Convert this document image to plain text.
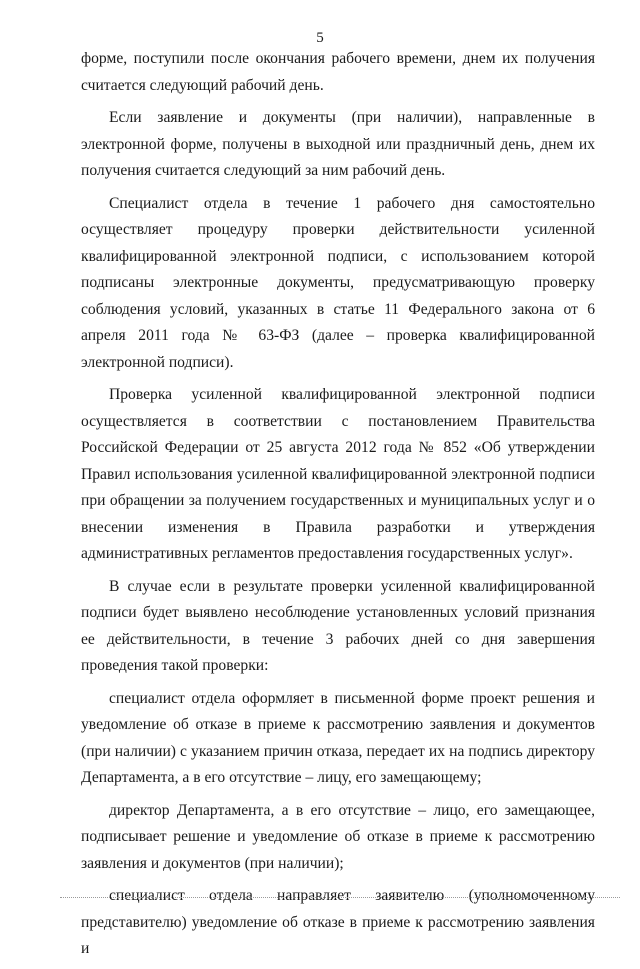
5

форме, поступили после окончания рабочего времени, днем их получения считается следующий рабочий день.

Если заявление и документы (при наличии), направленные в электронной форме, получены в выходной или праздничный день, днем их получения считается следующий за ним рабочий день.

Специалист отдела в течение 1 рабочего дня самостоятельно осуществляет процедуру проверки действительности усиленной квалифицированной электронной подписи, с использованием которой подписаны электронные документы, предусматривающую проверку соблюдения условий, указанных в статье 11 Федерального закона от 6 апреля 2011 года № 63-ФЗ (далее – проверка квалифицированной электронной подписи).

Проверка усиленной квалифицированной электронной подписи осуществляется в соответствии с постановлением Правительства Российской Федерации от 25 августа 2012 года № 852 «Об утверждении Правил использования усиленной квалифицированной электронной подписи при обращении за получением государственных и муниципальных услуг и о внесении изменения в Правила разработки и утверждения административных регламентов предоставления государственных услуг».

В случае если в результате проверки усиленной квалифицированной подписи будет выявлено несоблюдение установленных условий признания ее действительности, в течение 3 рабочих дней со дня завершения проведения такой проверки:

специалист отдела оформляет в письменной форме проект решения и уведомление об отказе в приеме к рассмотрению заявления и документов (при наличии) с указанием причин отказа, передает их на подпись директору Департамента, а в его отсутствие – лицу, его замещающему;

директор Департамента, а в его отсутствие – лицо, его замещающее, подписывает решение и уведомление об отказе в приеме к рассмотрению заявления и документов (при наличии);

специалист отдела направляет заявителю (уполномоченному представителю) уведомление об отказе в приеме к рассмотрению заявления и
